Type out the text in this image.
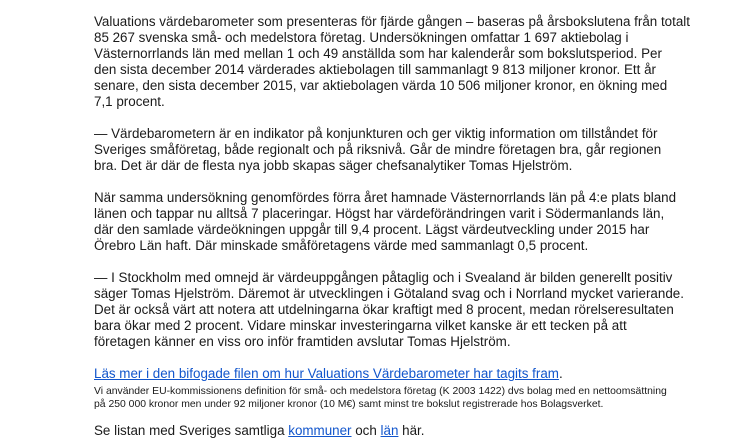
Valuations värdebarometer som presenteras för fjärde gången – baseras på årsbokslutena från totalt
85 267 svenska små- och medelstora företag. Undersökningen omfattar 1 697 aktiebolag i
Västernorrlands län med mellan 1 och 49 anställda som har kalenderår som bokslutsperiod. Per
den sista december 2014 värderades aktiebolagen till sammanlagt 9 813 miljoner kronor. Ett år
senare, den sista december 2015, var aktiebolagen värda 10 506 miljoner kronor, en ökning med
7,1 procent.

— Värdebarometern är en indikator på konjunkturen och ger viktig information om tillståndet för
Sveriges småföretag, både regionalt och på riksnivå. Går de mindre företagen bra, går regionen
bra. Det är där de flesta nya jobb skapas säger chefsanalytiker Tomas Hjelström.

När samma undersökning genomfördes förra året hamnade Västernorrlands län på 4:e plats bland
länen och tappar nu alltså 7 placeringar. Högst har värdeförändringen varit i Södermanlands län,
där den samlade värdeökningen uppgår till 9,4 procent. Lägst värdeutveckling under 2015 har
Örebro Län haft. Där minskade småföretagens värde med sammanlagt 0,5 procent.

— I Stockholm med omnejd är värdeuppgången påtaglig och i Svealand är bilden generellt positiv
säger Tomas Hjelström. Däremot är utvecklingen i Götaland svag och i Norrland mycket varierande.
Det är också värt att notera att utdelningarna ökar kraftigt med 8 procent, medan rörelseresultaten
bara ökar med 2 procent. Vidare minskar investeringarna vilket kanske är ett tecken på att
företagen känner en viss oro inför framtiden avslutar Tomas Hjelström.

Läs mer i den bifogade filen om hur Valuations Värdebarometer har tagits fram.

Vi använder EU-kommissionens definition för små- och medelstora företag (K 2003 1422) dvs bolag med en nettoomsättning
på 250 000 kronor men under 92 miljoner kronor (10 M€) samt minst tre bokslut registrerade hos Bolagsverket.

Se listan med Sveriges samtliga kommuner och län här.
